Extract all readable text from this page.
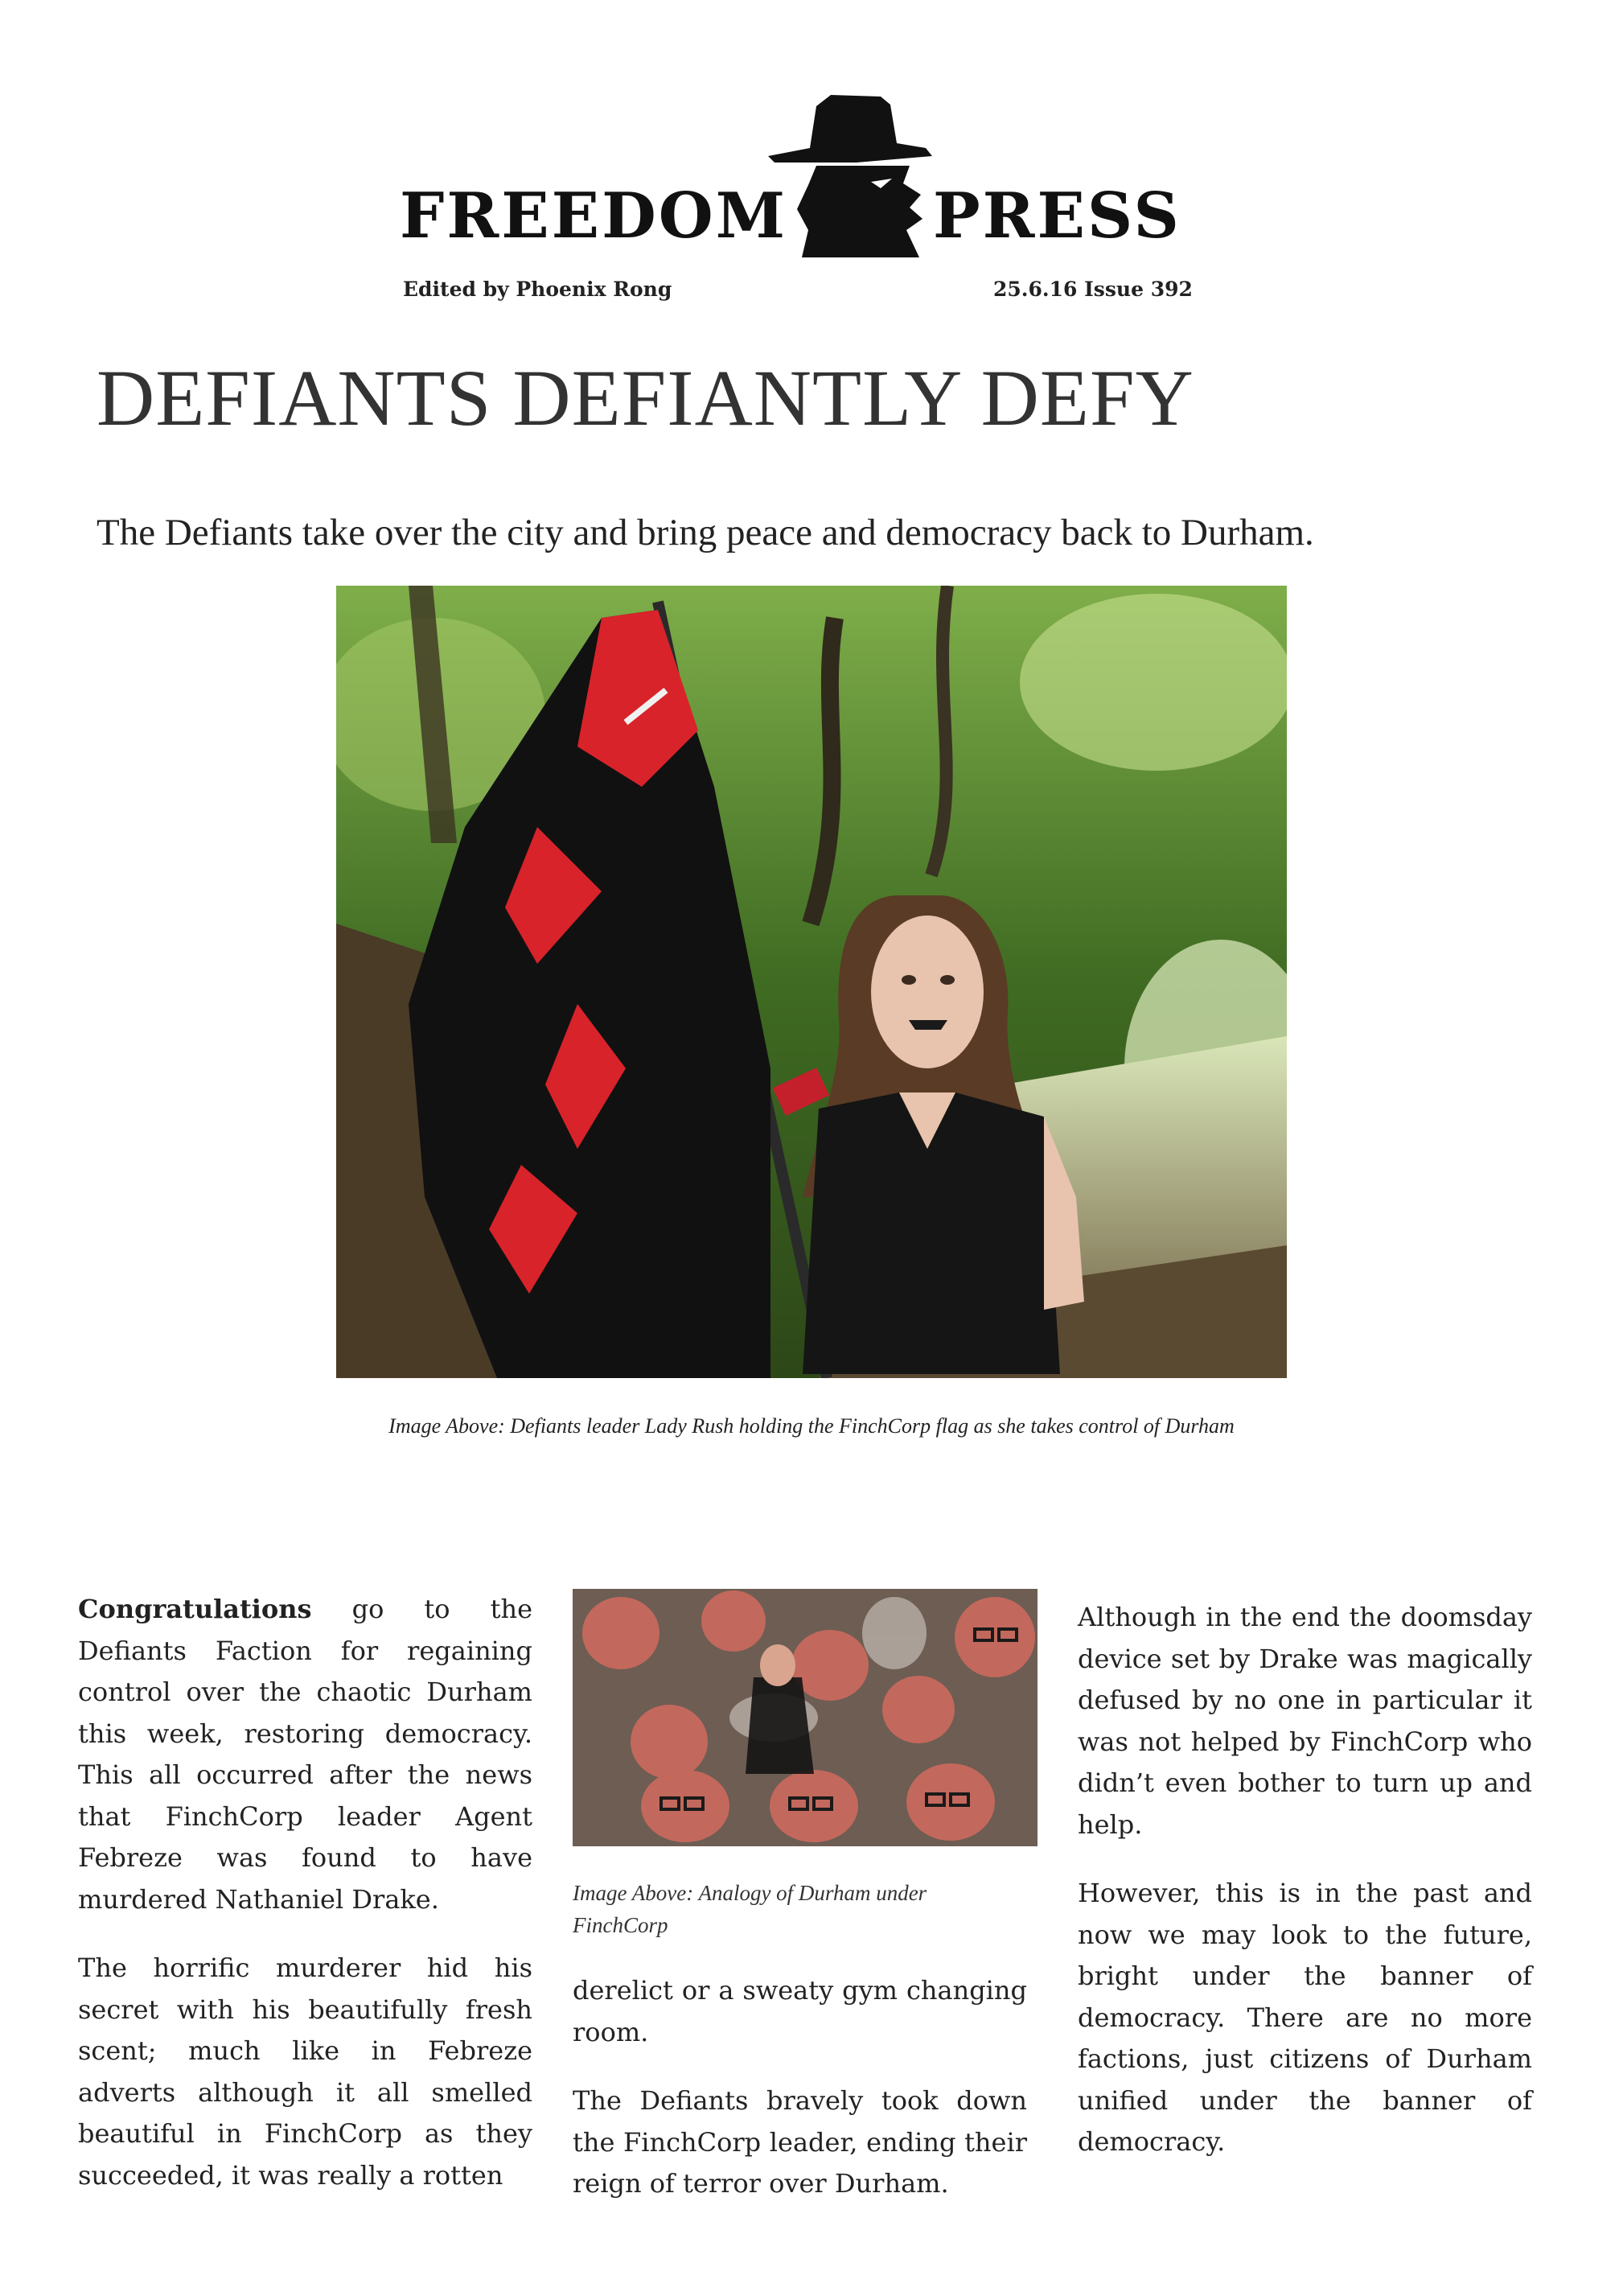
FREEDOM PRESS
Edited by Phoenix Rong	25.6.16 Issue 392
DEFIANTS DEFIANTLY DEFY

The Defiants take over the city and bring peace and democracy back to Durham.

Image Above: Defiants leader Lady Rush holding the FinchCorp flag as she takes control of Durham

Congratulations go to the Defiants Faction for regaining control over the chaotic Durham this week, restoring democracy. This all occurred after the news that FinchCorp leader Agent Febreze was found to have murdered Nathaniel Drake.

The horrific murderer hid his secret with his beautifully fresh scent; much like in Febreze adverts although it all smelled beautiful in FinchCorp as they succeeded, it was really a rotten

Image Above: Analogy of Durham under FinchCorp

derelict or a sweaty gym changing room.

The Defiants bravely took down the FinchCorp leader, ending their reign of terror over Durham.

Although in the end the doomsday device set by Drake was magically defused by no one in particular it was not helped by FinchCorp who didn’t even bother to turn up and help.

However, this is in the past and now we may look to the future, bright under the banner of democracy. There are no more factions, just citizens of Durham unified under the banner of democracy.
